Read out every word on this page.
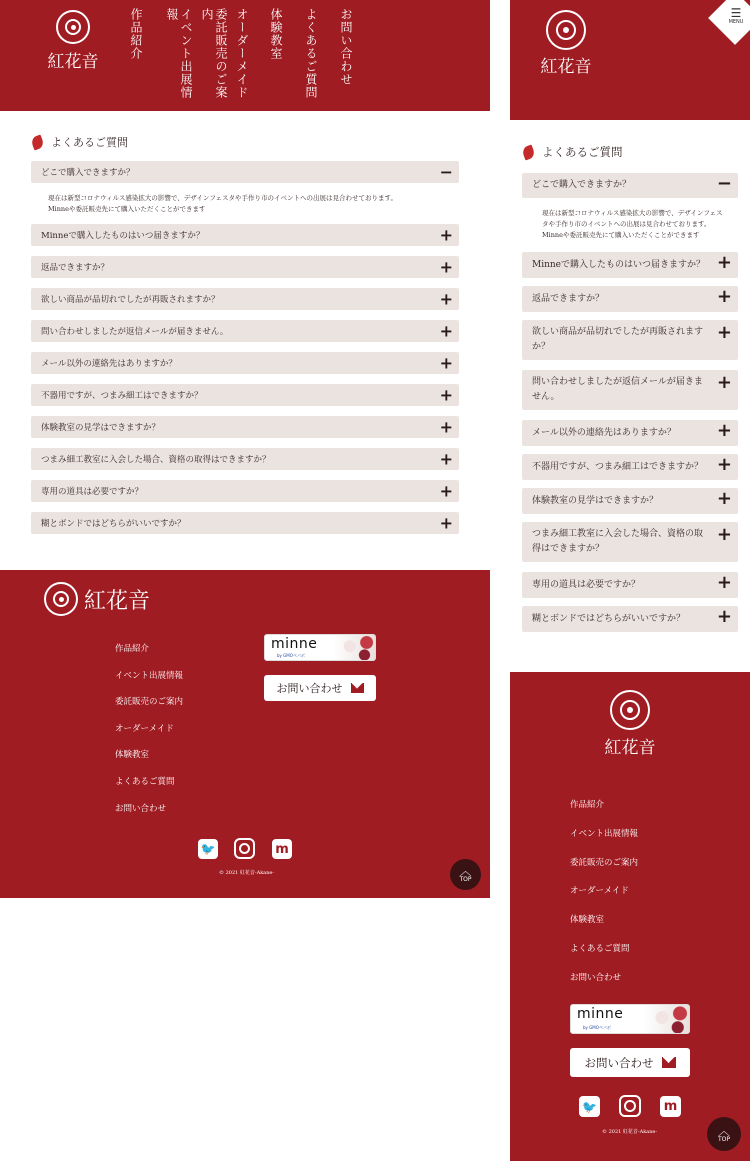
紅花音
作品紹介	イベント出展情報	委託販売のご案内	オーダーメイド 体験教室 よくあるご質問 お問い合わせ
よくあるご質問
どこで購入できますか？	−
現在は新型コロナウィルス感染拡大の影響で、デザインフェスタや手作り市のイベントへの出展は見合わせております。
Minneや委託販売先にて購入いただくことができます
Minneで購入したものはいつ届きますか？	+
返品できますか？	+
欲しい商品が品切れでしたが再販されますか？	+
問い合わせしましたが返信メールが届きません。	+
メール以外の連絡先はありますか？	+
不器用ですが、つまみ細工はできますか？	+
体験教室の見学はできますか？	+
つまみ細工教室に入会した場合、資格の取得はできますか？	+
専用の道具は必要ですか？	+
糊とボンドではどちらがいいですか？	+
紅花音
作品紹介
イベント出展情報
委託販売のご案内
オーダーメイド
体験教室
よくあるご質問
お問い合わせ
minne
by GMOペパボ
お問い合わせ
🐦	m
© 2021 紅花音-Akane-	︿
TOP
紅花音
☰
MENU
よくあるご質問
どこで購入できますか？	−
現在は新型コロナウィルス感染拡大の影響で、デザインフェス
タや手作り市のイベントへの出展は見合わせております。
Minneや委託販売先にて購入いただくことができます
Minneで購入したものはいつ届きますか？ +
返品できますか？	+
欲しい商品が品切れでしたが再販されます
か？
+
問い合わせしましたが返信メールが届きま
せん。
+
メール以外の連絡先はありますか？ +
不器用ですが、つまみ細工はできますか？ +
体験教室の見学はできますか？	+
つまみ細工教室に入会した場合、資格の取
得はできますか？
+
専用の道具は必要ですか？	+
糊とボンドではどちらがいいですか？ +
紅花音
作品紹介
イベント出展情報
委託販売のご案内
オーダーメイド
体験教室
よくあるご質問
お問い合わせ
minne
by GMOペパボ
お問い合わせ
🐦	m
© 2021 紅花音-Akane-	︿
TOP
